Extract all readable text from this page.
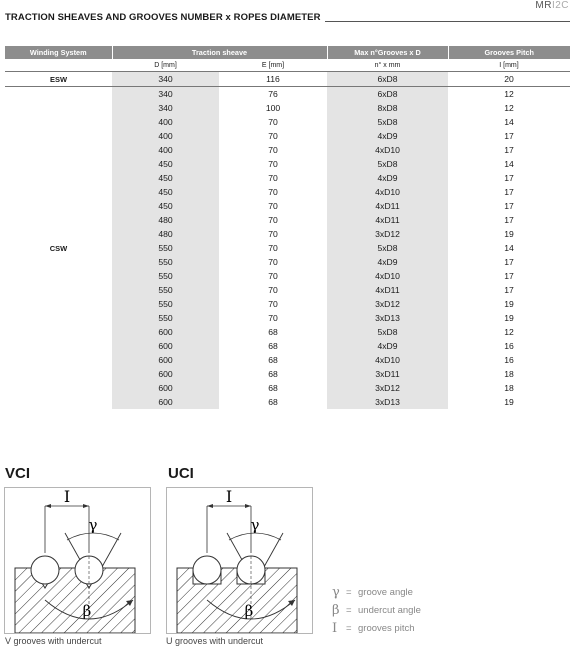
TRACTION SHEAVES AND GROOVES NUMBER x ROPES DIAMETER
MRI2C
Winding System	Traction sheave		Max n°Grooves x D	Grooves Pitch
	D [mm]	E [mm]	n° x mm	I [mm]
ESW	340	116	6xD8	20
CSW	340	76	6xD8	12
	340	100	8xD8	12
	400	70	5xD8	14
	400	70	4xD9	17
	400	70	4xD10	17
	450	70	5xD8	14
	450	70	4xD9	17
	450	70	4xD10	17
	450	70	4xD11	17
	480	70	4xD11	17
	480	70	3xD12	19
	550	70	5xD8	14
	550	70	4xD9	17
	550	70	4xD10	17
	550	70	4xD11	17
	550	70	3xD12	19
	550	70	3xD13	19
	600	68	5xD8	12
	600	68	4xD9	16
	600	68	4xD10	16
	600	68	3xD11	18
	600	68	3xD12	18
	600	68	3xD13	19
VCI
I
γ
β
V grooves with undercut
UCI
I
γ
β
U grooves with undercut
γ = groove angle
β = undercut angle
I = grooves pitch
